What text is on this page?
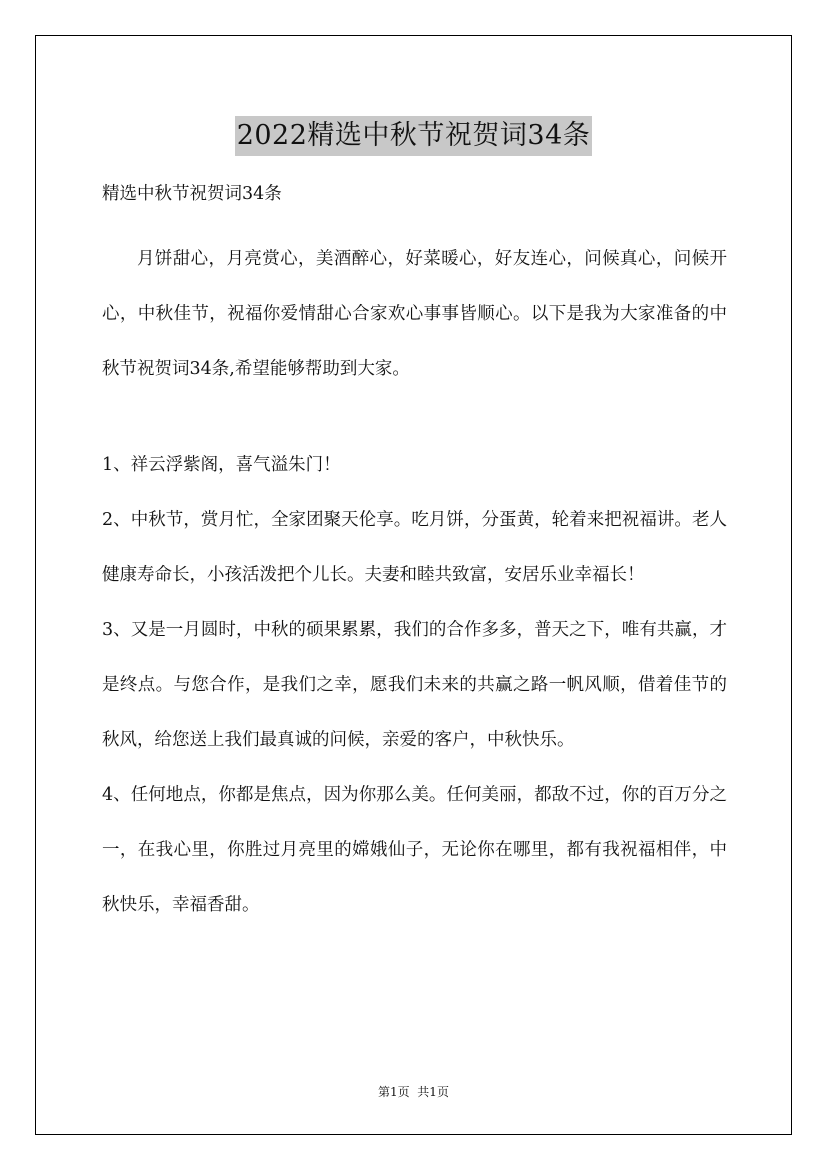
2022精选中秋节祝贺词34条
精选中秋节祝贺词34条

月饼甜心，月亮赏心，美酒醉心，好菜暖心，好友连心，问候真心，问候开心，中秋佳节，祝福你爱情甜心合家欢心事事皆顺心。以下是我为大家准备的中秋节祝贺词34条,希望能够帮助到大家。

1、祥云浮紫阁，喜气溢朱门！

2、中秋节，赏月忙，全家团聚天伦享。吃月饼，分蛋黄，轮着来把祝福讲。老人健康寿命长，小孩活泼把个儿长。夫妻和睦共致富，安居乐业幸福长！

3、又是一月圆时，中秋的硕果累累，我们的合作多多，普天之下，唯有共赢，才是终点。与您合作，是我们之幸，愿我们未来的共赢之路一帆风顺，借着佳节的秋风，给您送上我们最真诚的问候，亲爱的客户，中秋快乐。

4、任何地点，你都是焦点，因为你那么美。任何美丽，都敌不过，你的百万分之一，在我心里，你胜过月亮里的嫦娥仙子，无论你在哪里，都有我祝福相伴，中秋快乐，幸福香甜。

第1页  共1页
